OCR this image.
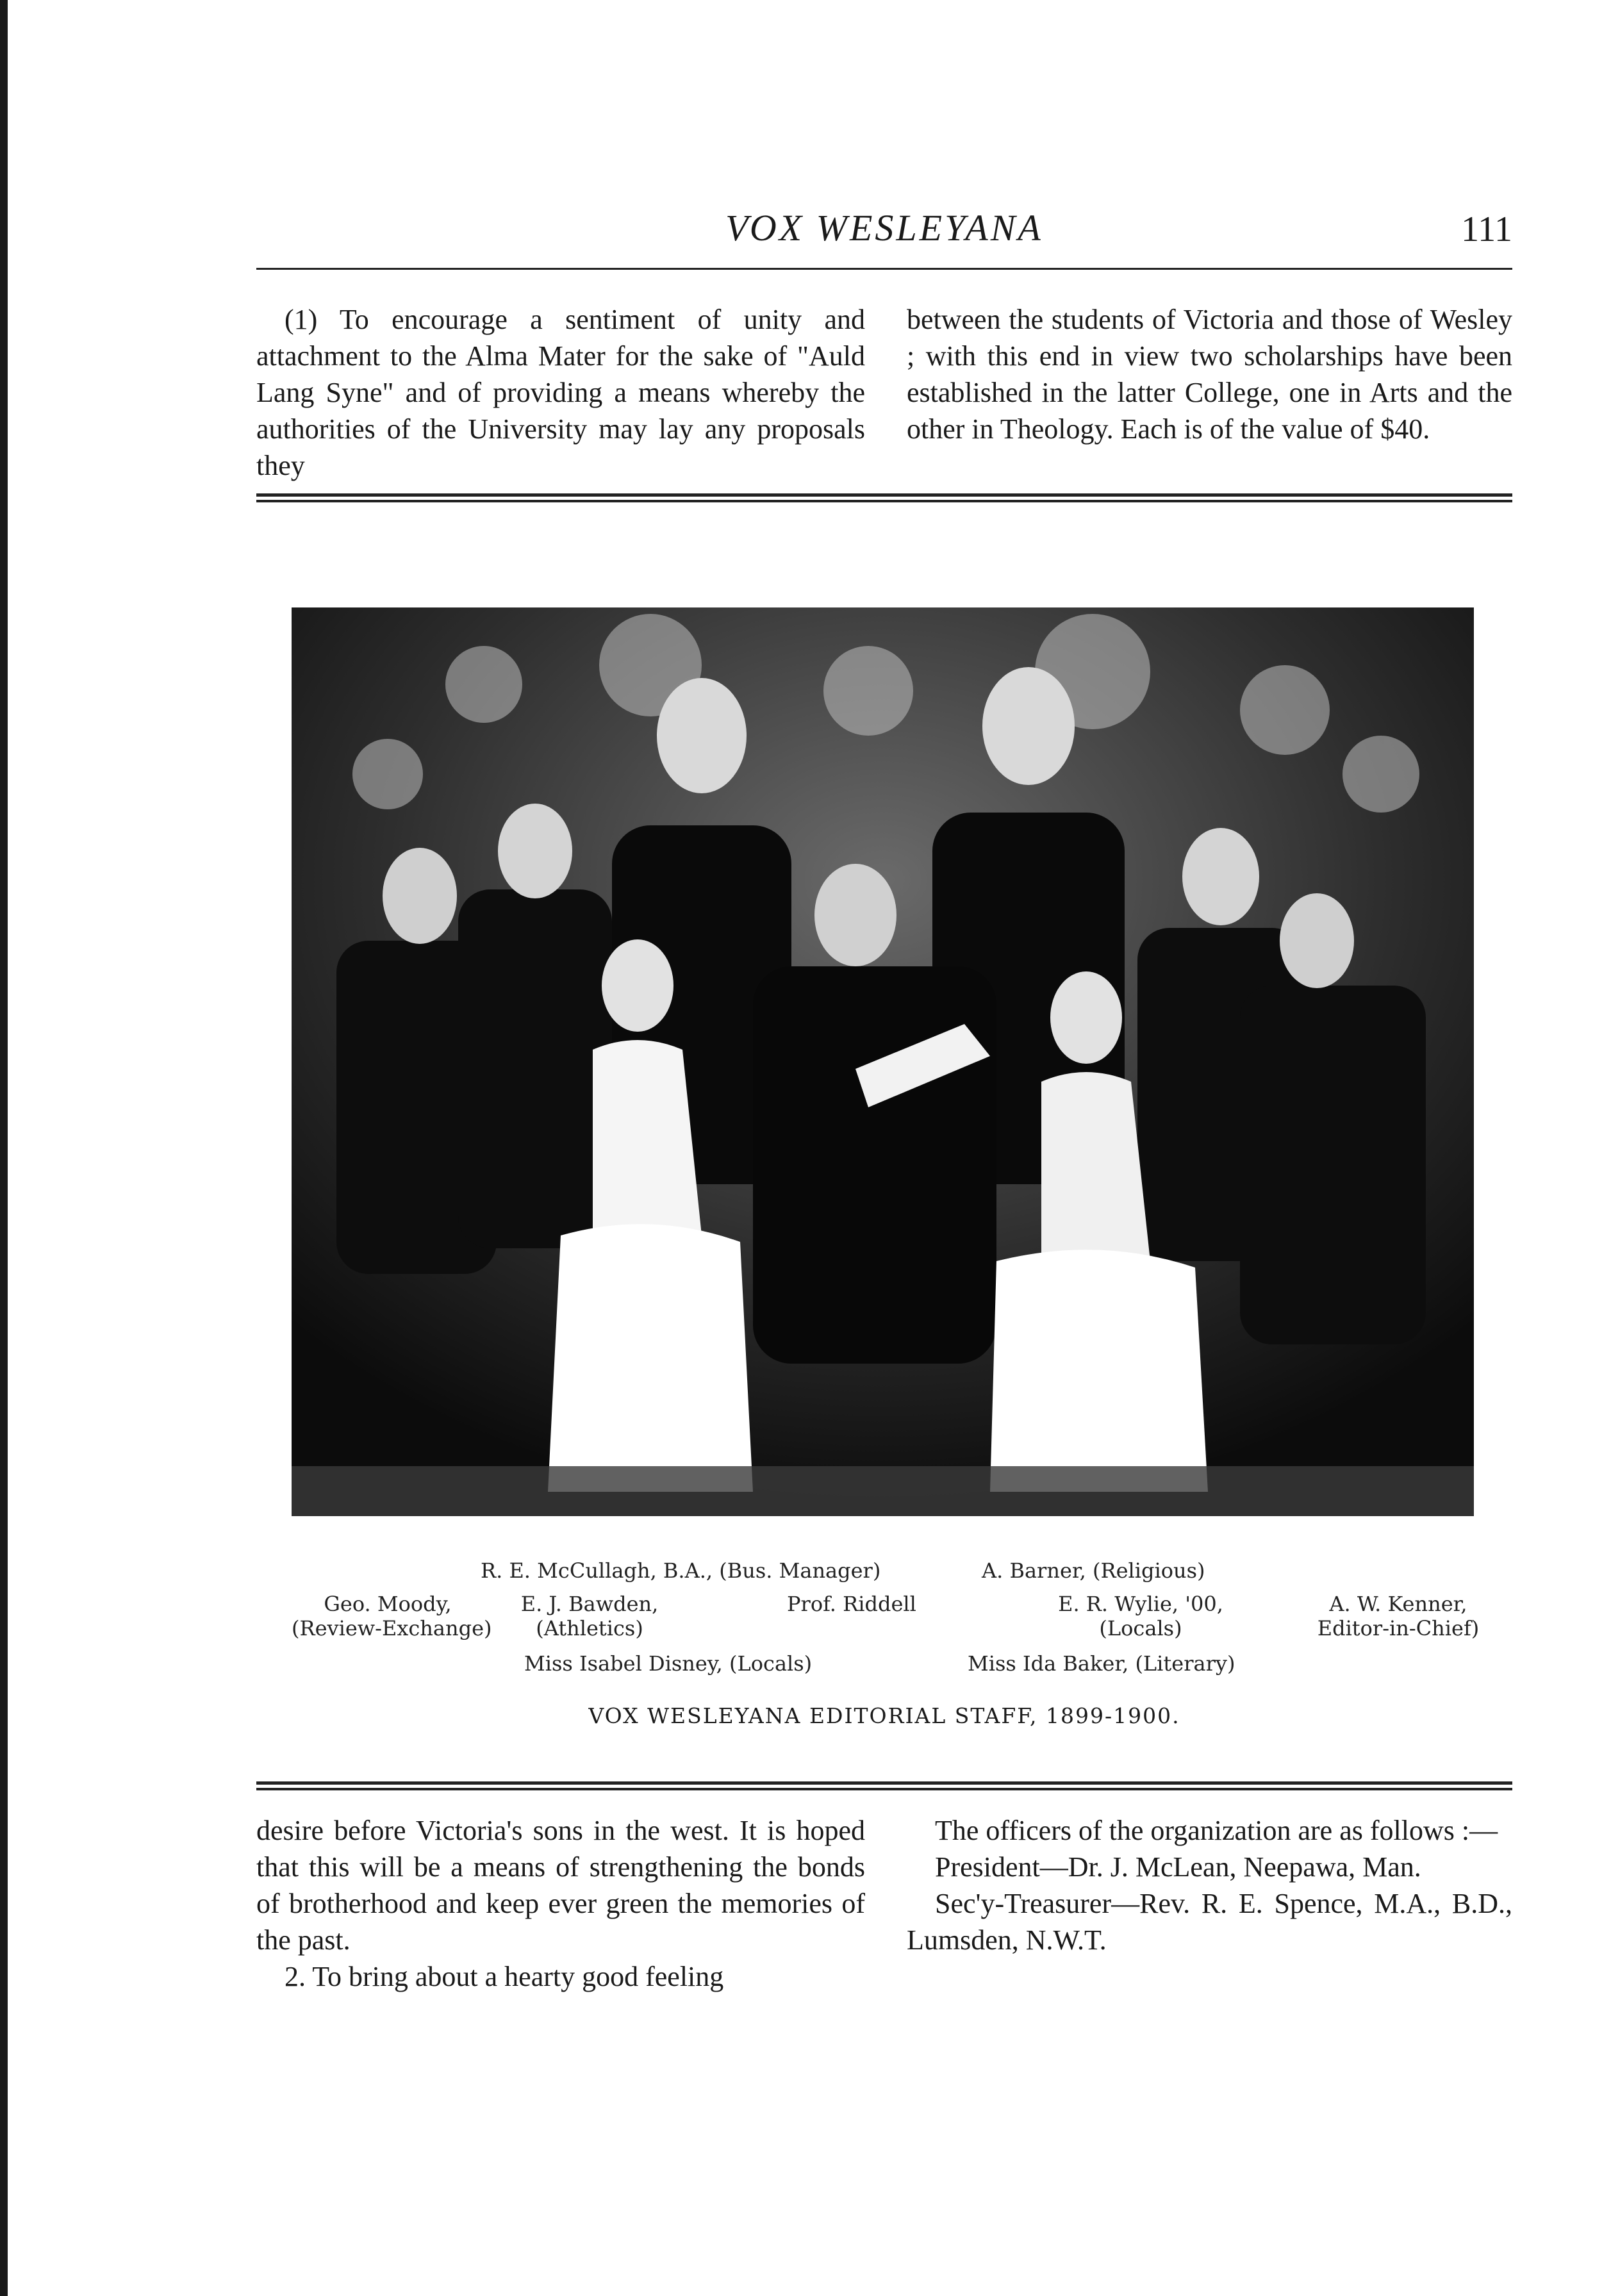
VOX WESLEYANA	111

(1) To encourage a sentiment of unity and attachment to the Alma Mater for the sake of "Auld Lang Syne" and of providing a means whereby the authorities of the University may lay any proposals they

between the students of Victoria and those of Wesley ; with this end in view two scholarships have been established in the latter College, one in Arts and the other in Theology. Each is of the value of $40.

R. E. McCullagh, B.A., (Bus. Manager)	A. Barner, (Religious)
Geo. Moody,
(Review-Exchange)
E. J. Bawden,
(Athletics)
Prof. Riddell	E. R. Wylie, '00,
(Locals)
A. W. Kenner,
Editor-in-Chief)
Miss Isabel Disney, (Locals)	Miss Ida Baker, (Literary)
VOX WESLEYANA EDITORIAL STAFF, 1899-1900.

desire before Victoria's sons in the west. It is hoped that this will be a means of strengthening the bonds of brotherhood and keep ever green the memories of the past.

2. To bring about a hearty good feeling

The officers of the organization are as follows :—

President—Dr. J. McLean, Neepawa, Man.

Sec'y-Treasurer—Rev. R. E. Spence, M.A., B.D., Lumsden, N.W.T.
